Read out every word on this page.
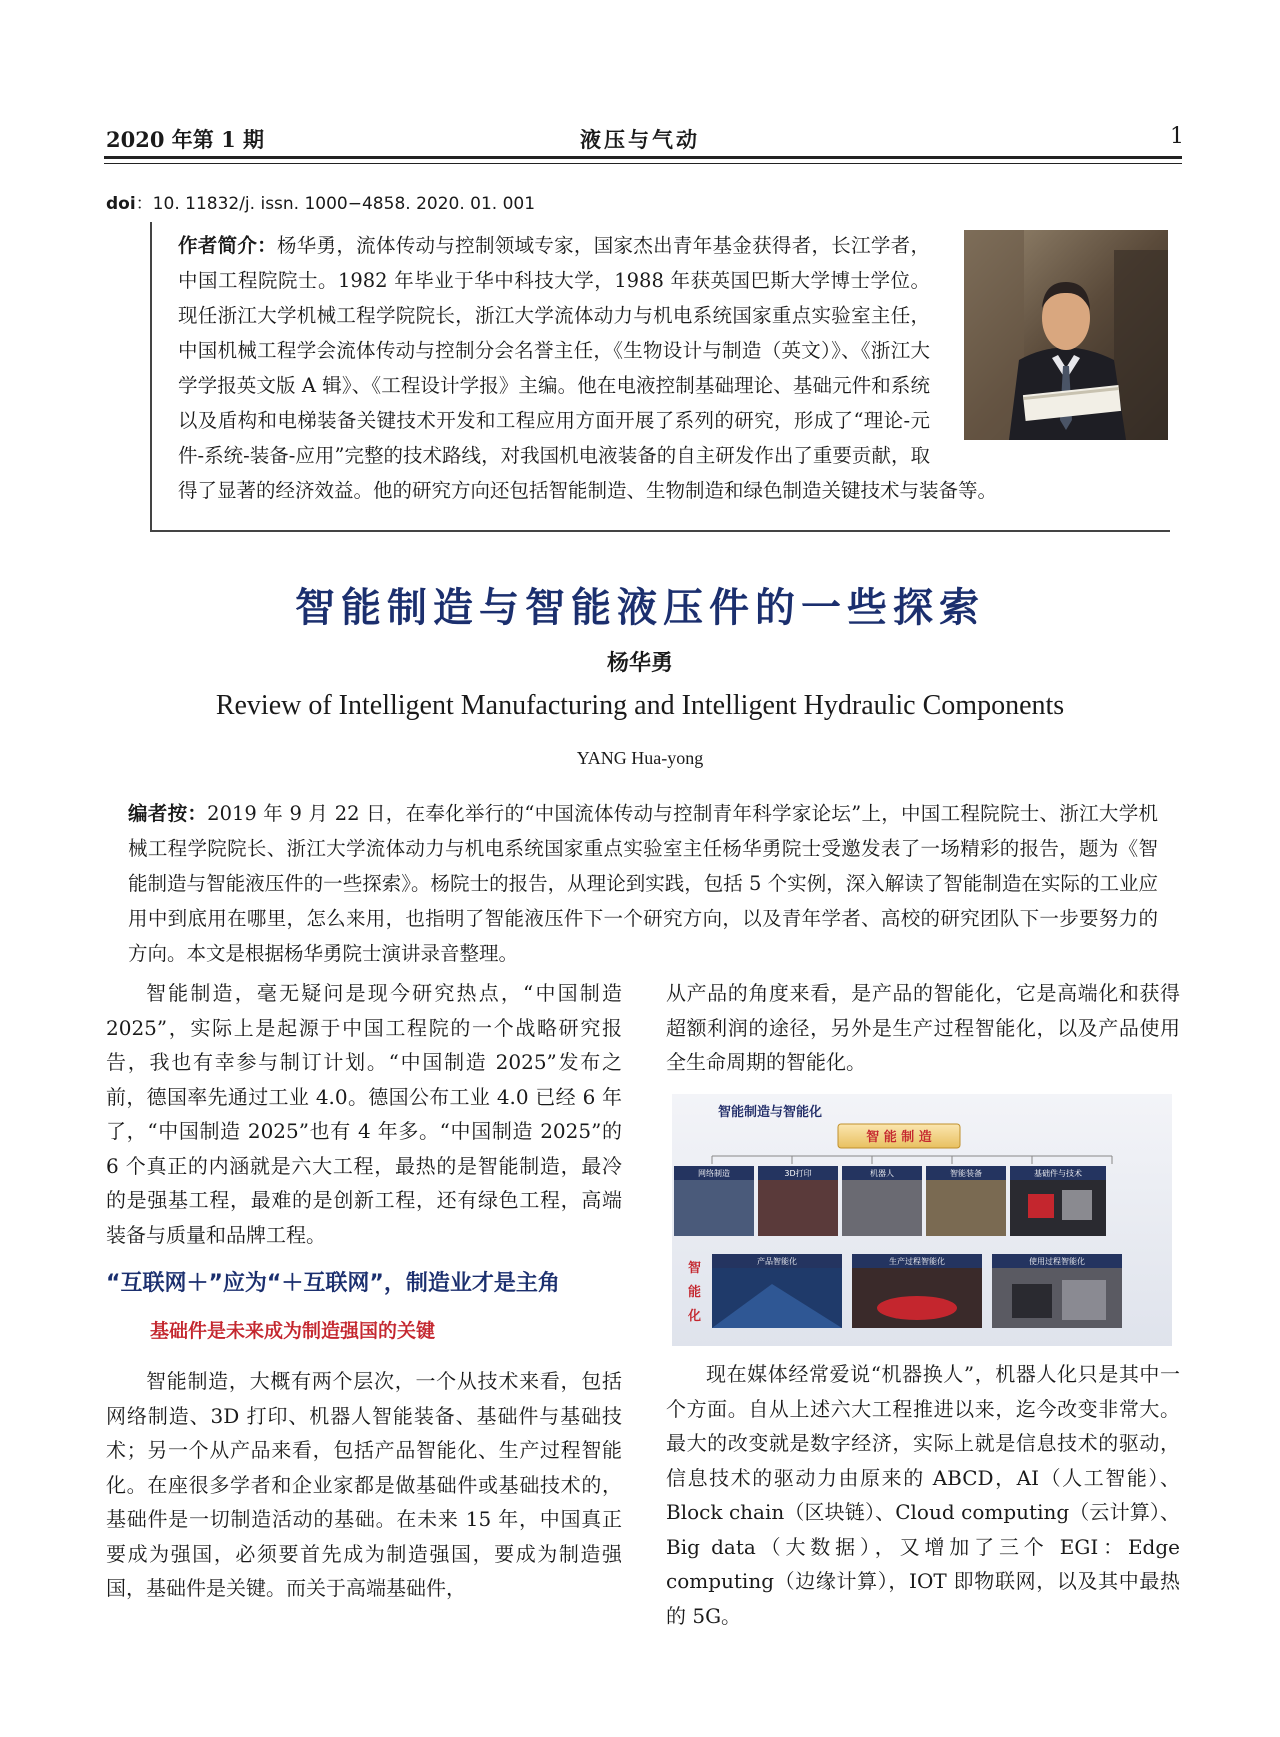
2020 年第 1 期	液压与气动	1
doi：10. 11832/j. issn. 1000−4858. 2020. 01. 001
作者简介：杨华勇，流体传动与控制领域专家，国家杰出青年基金获得者，长江学者，中国工程院院士。1982 年毕业于华中科技大学，1988 年获英国巴斯大学博士学位。现任浙江大学机械工程学院院长，浙江大学流体动力与机电系统国家重点实验室主任，中国机械工程学会流体传动与控制分会名誉主任，《生物设计与制造（英文）》、《浙江大学学报英文版 A 辑》、《工程设计学报》主编。他在电液控制基础理论、基础元件和系统以及盾构和电梯装备关键技术开发和工程应用方面开展了系列的研究，形成了“理论-元件-系统-装备-应用”完整的技术路线，对我国机电液装备的自主研发作出了重要贡献，取得了显著的经济效益。他的研究方向还包括智能制造、生物制造和绿色制造关键技术与装备等。
智能制造与智能液压件的一些探索
杨华勇
Review of Intelligent Manufacturing and Intelligent Hydraulic Components
YANG Hua-yong
编者按：2019 年 9 月 22 日，在奉化举行的“中国流体传动与控制青年科学家论坛”上，中国工程院院士、浙江大学机械工程学院院长、浙江大学流体动力与机电系统国家重点实验室主任杨华勇院士受邀发表了一场精彩的报告，题为《智能制造与智能液压件的一些探索》。杨院士的报告，从理论到实践，包括 5 个实例，深入解读了智能制造在实际的工业应用中到底用在哪里，怎么来用，也指明了智能液压件下一个研究方向，以及青年学者、高校的研究团队下一步要努力的方向。本文是根据杨华勇院士演讲录音整理。
智能制造，毫无疑问是现今研究热点，“中国制造 2025”，实际上是起源于中国工程院的一个战略研究报告，我也有幸参与制订计划。“中国制造 2025”发布之前，德国率先通过工业 4.0。德国公布工业 4.0 已经 6 年了，“中国制造 2025”也有 4 年多。“中国制造 2025”的 6 个真正的内涵就是六大工程，最热的是智能制造，最冷的是强基工程，最难的是创新工程，还有绿色工程，高端装备与质量和品牌工程。
“互联网＋”应为“＋互联网”，制造业才是主角
基础件是未来成为制造强国的关键
智能制造，大概有两个层次，一个从技术来看，包括网络制造、3D 打印、机器人智能装备、基础件与基础技术；另一个从产品来看，包括产品智能化、生产过程智能化。在座很多学者和企业家都是做基础件或基础技术的，基础件是一切制造活动的基础。在未来 15 年，中国真正要成为强国，必须要首先成为制造强国，要成为制造强国，基础件是关键。而关于高端基础件，
从产品的角度来看，是产品的智能化，它是高端化和获得超额利润的途径，另外是生产过程智能化，以及产品使用全生命周期的智能化。
智能制造与智能化
智 能 制 造
网络制造	3D打印	机器人	智能装备	基础件与技术
智
能
化
产品智能化	生产过程智能化	使用过程智能化
现在媒体经常爱说“机器换人”，机器人化只是其中一个方面。自从上述六大工程推进以来，迄今改变非常大。最大的改变就是数字经济，实际上就是信息技术的驱动，信息技术的驱动力由原来的 ABCD，AI（人工智能）、Block chain（区块链）、Cloud computing（云计算）、Big data（大数据），又增加了三个 EGI：Edge computing（边缘计算），IOT 即物联网，以及其中最热的 5G。
